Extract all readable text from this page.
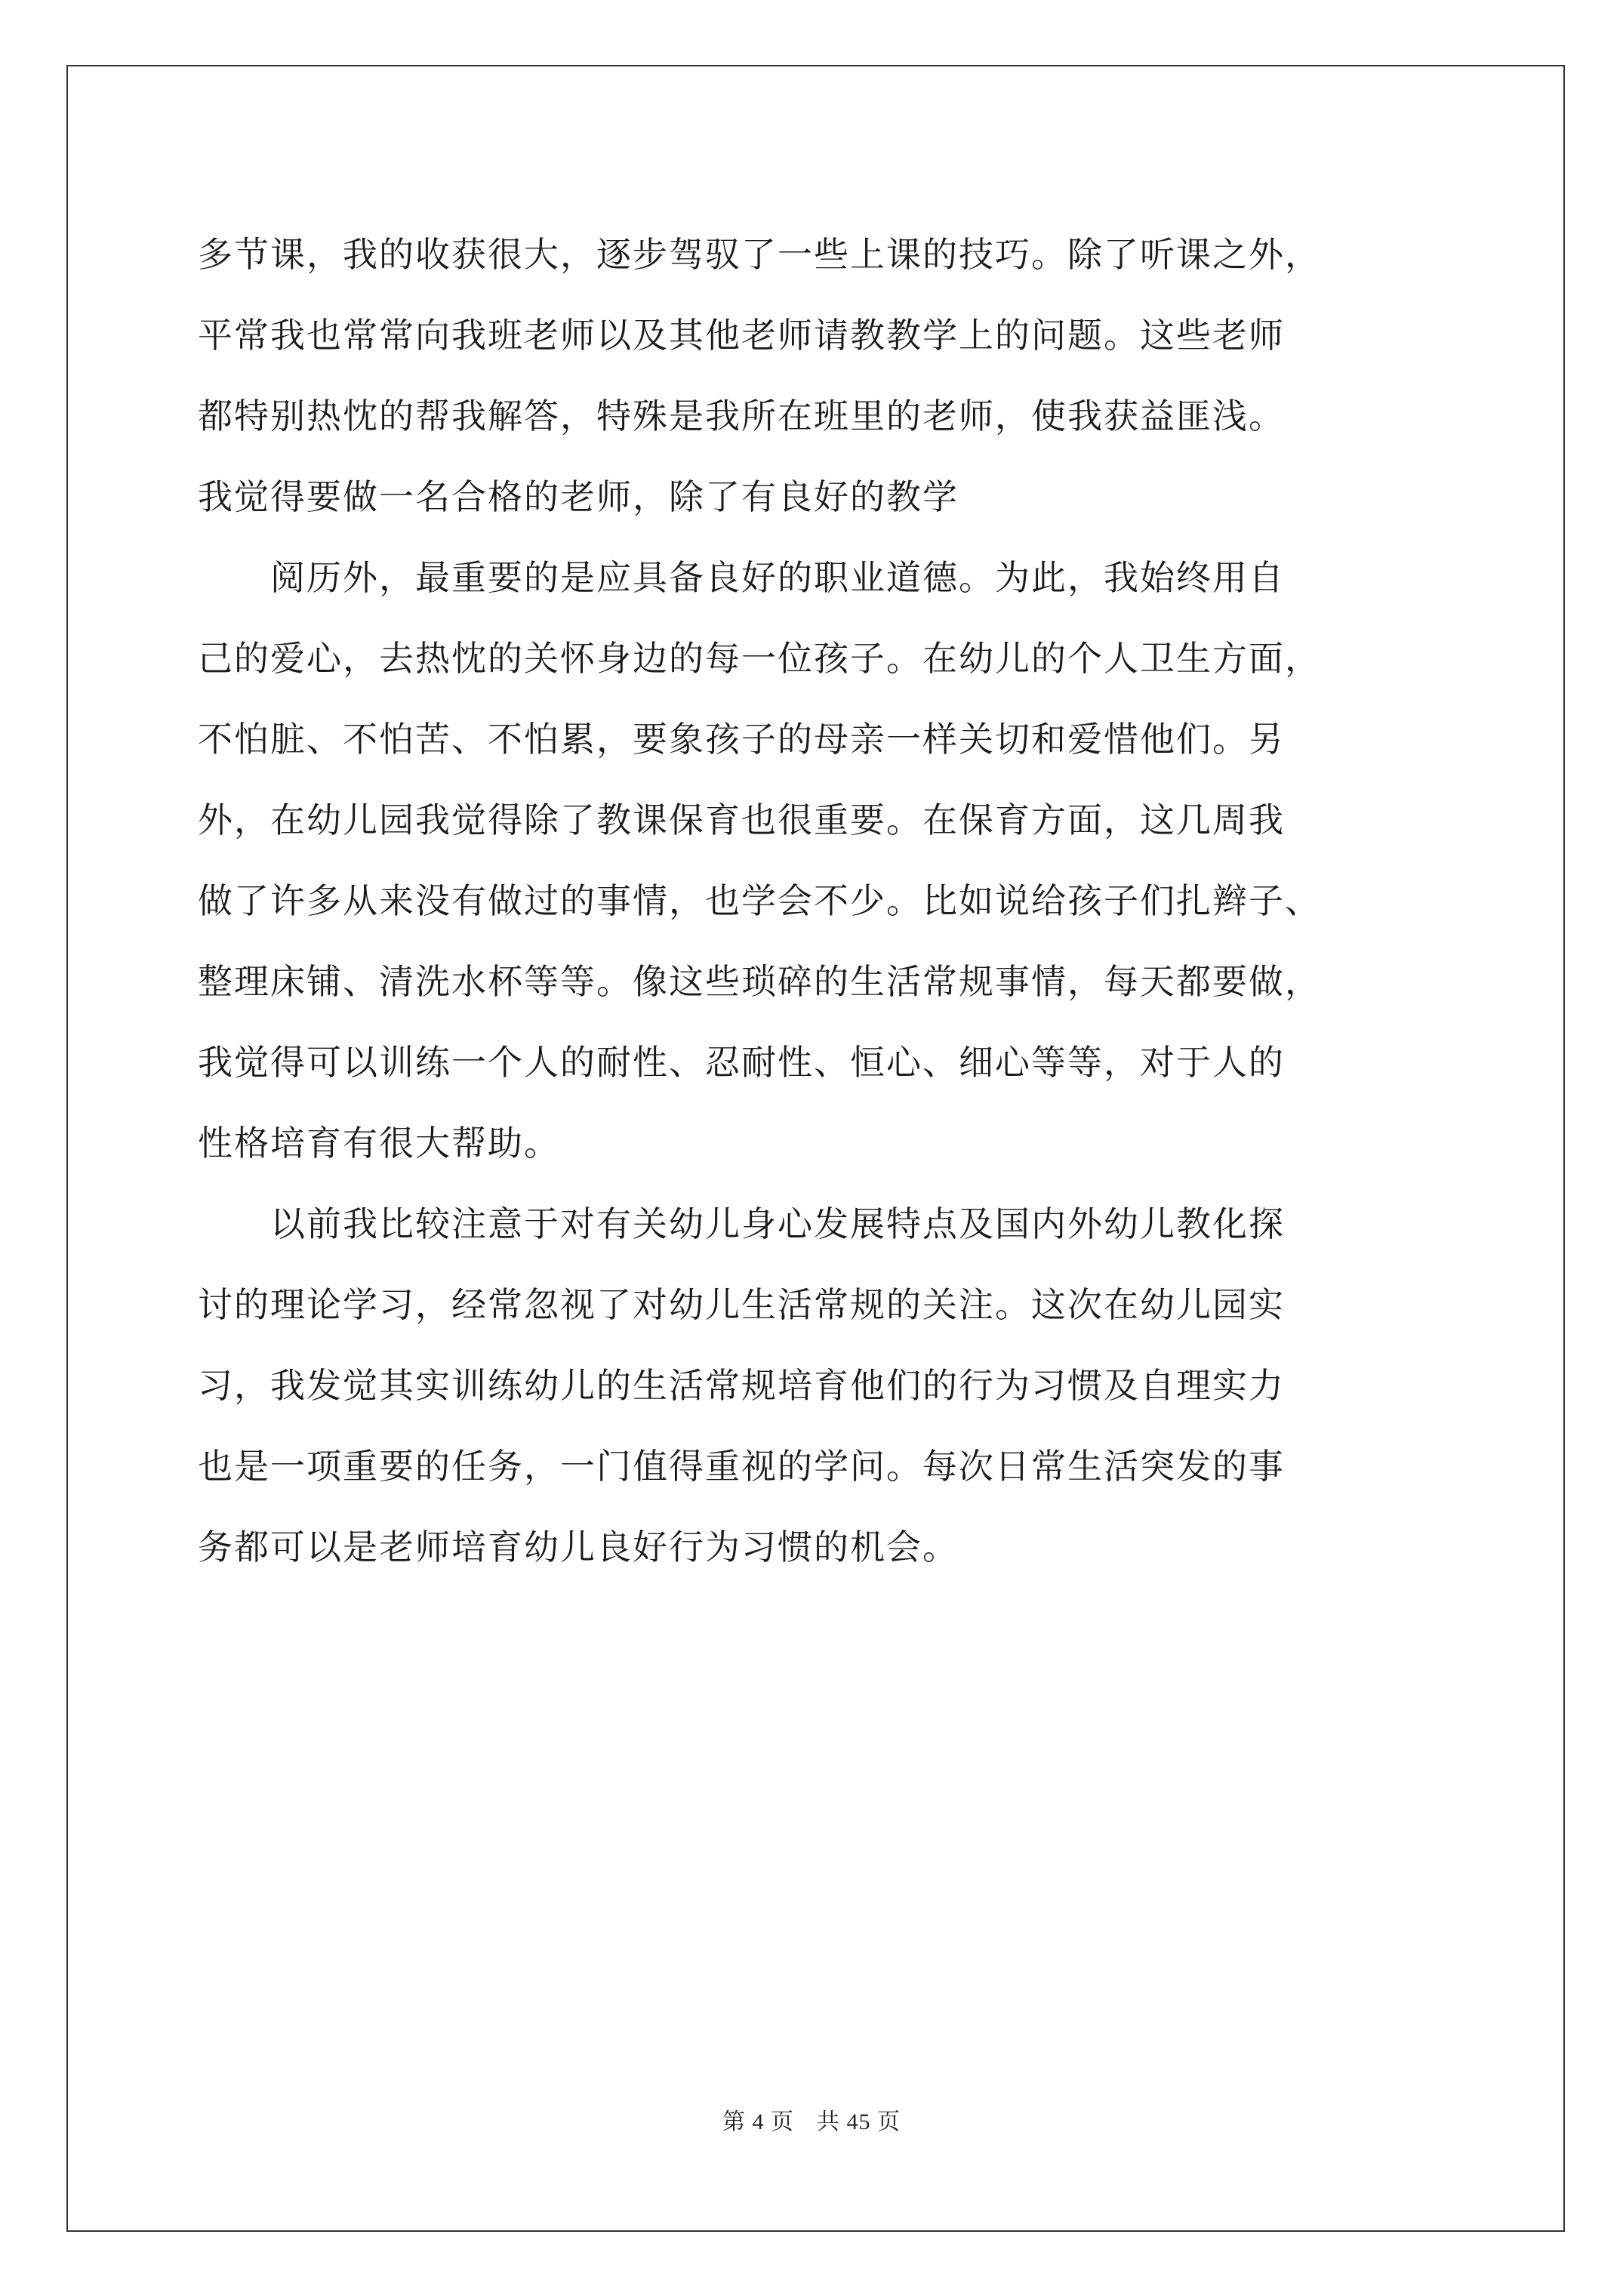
多节课，我的收获很大，逐步驾驭了一些上课的技巧。除了听课之外，
平常我也常常向我班老师以及其他老师请教教学上的问题。这些老师
都特别热忱的帮我解答，特殊是我所在班里的老师，使我获益匪浅。
我觉得要做一名合格的老师，除了有良好的教学
　　阅历外，最重要的是应具备良好的职业道德。为此，我始终用自
己的爱心，去热忱的关怀身边的每一位孩子。在幼儿的个人卫生方面，
不怕脏、不怕苦、不怕累，要象孩子的母亲一样关切和爱惜他们。另
外，在幼儿园我觉得除了教课保育也很重要。在保育方面，这几周我
做了许多从来没有做过的事情，也学会不少。比如说给孩子们扎辫子、
整理床铺、清洗水杯等等。像这些琐碎的生活常规事情，每天都要做，
我觉得可以训练一个人的耐性、忍耐性、恒心、细心等等，对于人的
性格培育有很大帮助。
　　以前我比较注意于对有关幼儿身心发展特点及国内外幼儿教化探
讨的理论学习，经常忽视了对幼儿生活常规的关注。这次在幼儿园实
习，我发觉其实训练幼儿的生活常规培育他们的行为习惯及自理实力
也是一项重要的任务，一门值得重视的学问。每次日常生活突发的事
务都可以是老师培育幼儿良好行为习惯的机会。
第 4 页 共 45 页
